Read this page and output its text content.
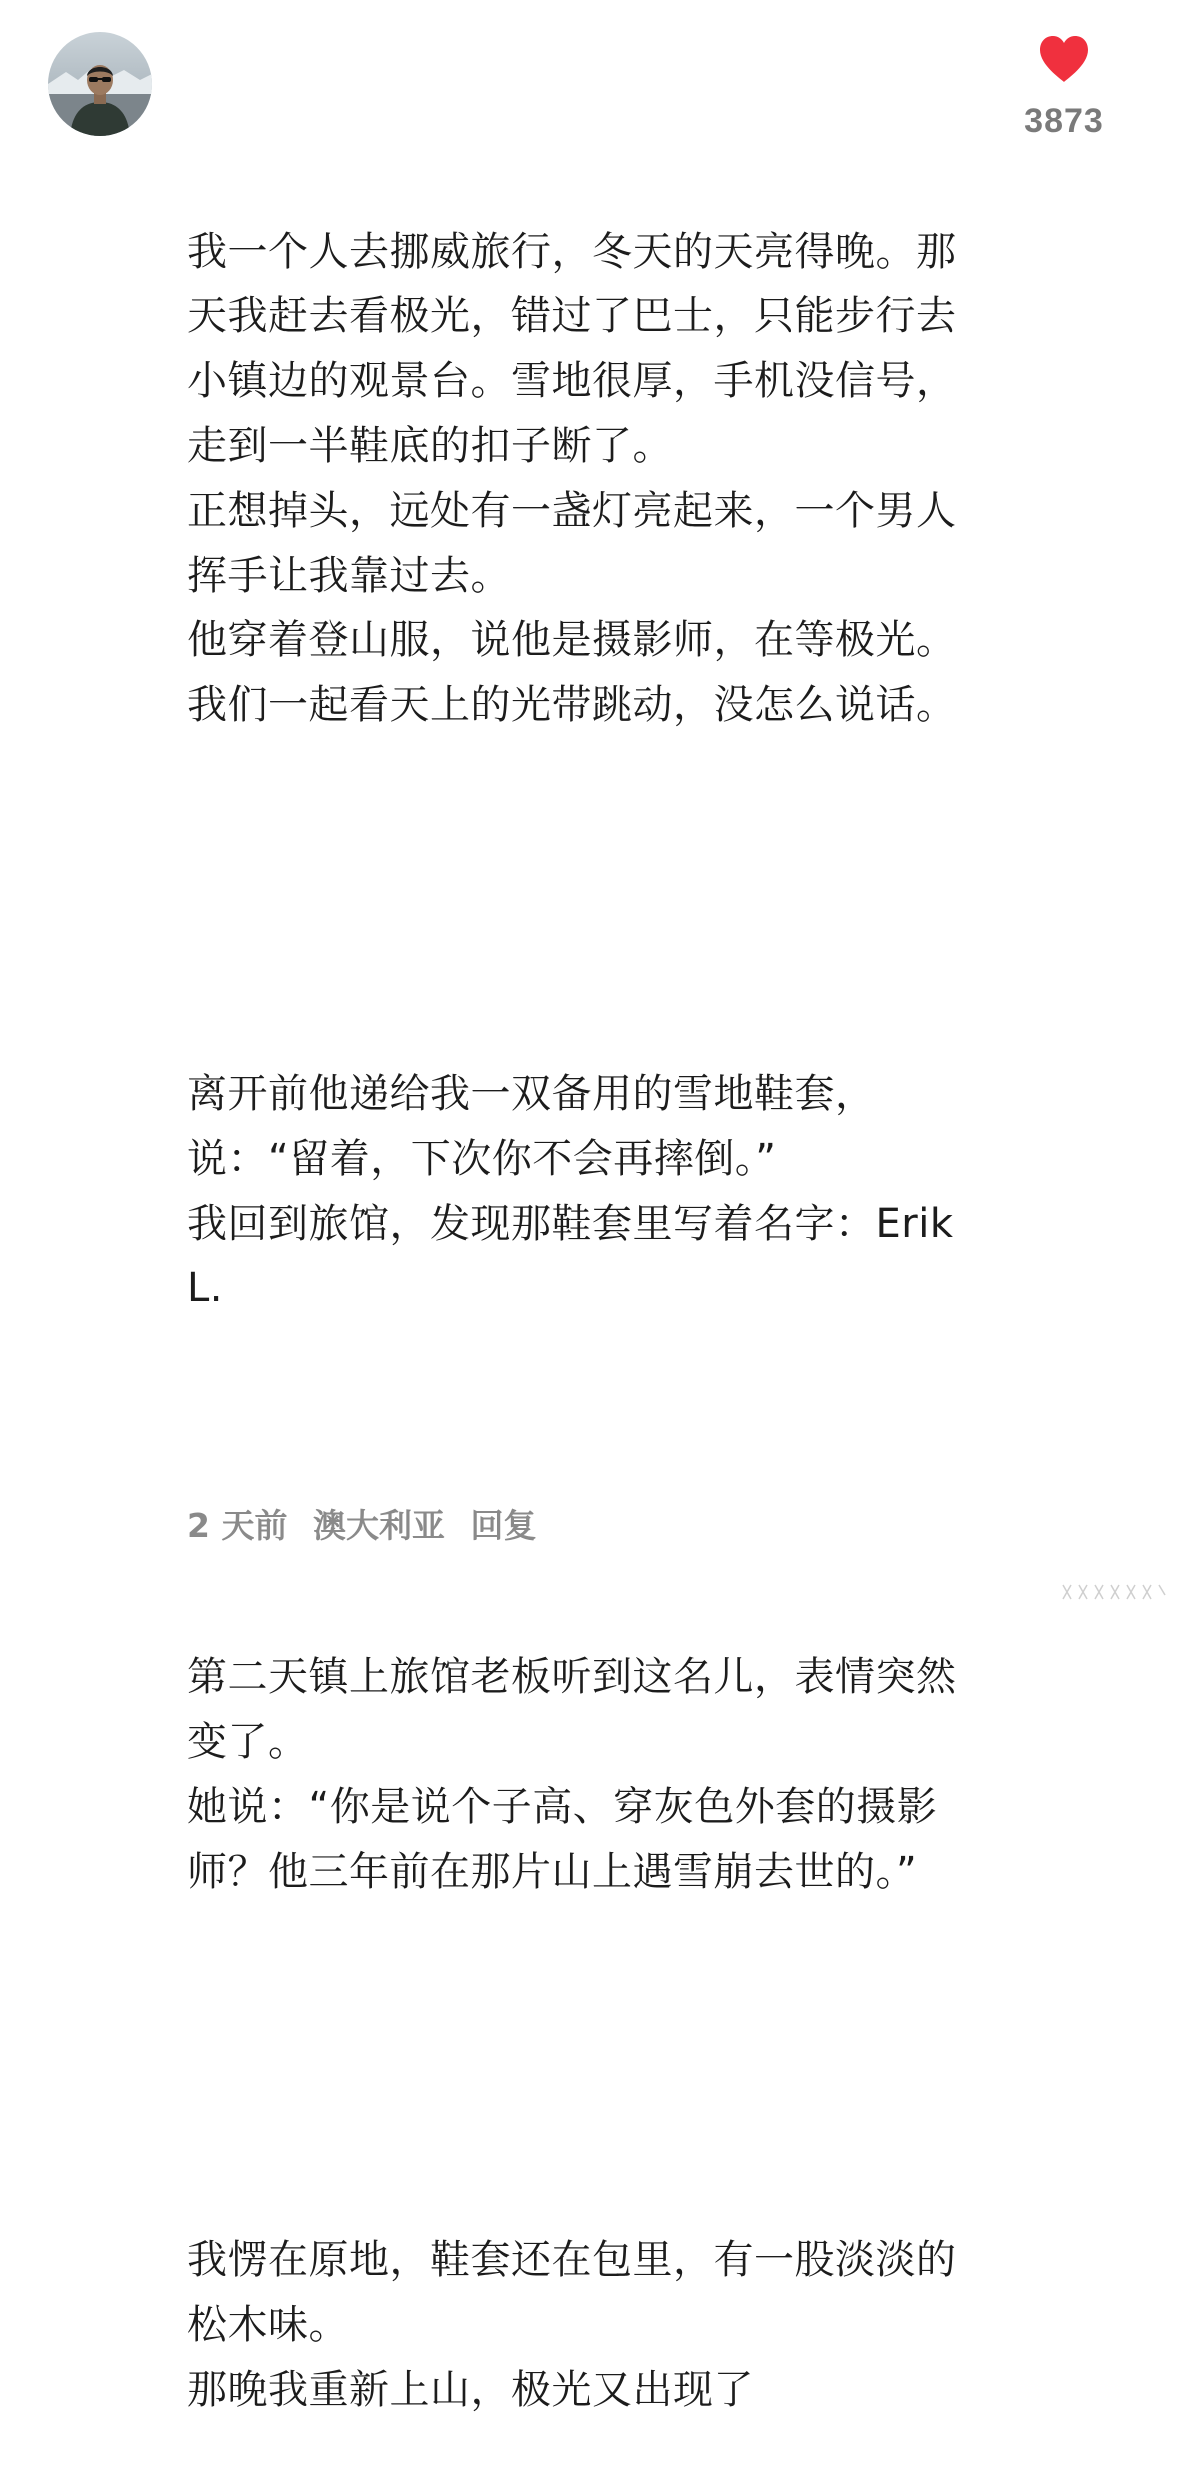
我一个人去挪威旅行，冬天的天亮得晚。那天我赶去看极光，错过了巴士，只能步行去小镇边的观景台。雪地很厚，手机没信号，走到一半鞋底的扣子断了。
正想掉头，远处有一盏灯亮起来，一个男人挥手让我靠过去。
他穿着登山服，说他是摄影师，在等极光。我们一起看天上的光带跳动，没怎么说话。

离开前他递给我一双备用的雪地鞋套，说：“留着，下次你不会再摔倒。”
我回到旅馆，发现那鞋套里写着名字：Erik L.

第二天镇上旅馆老板听到这名儿，表情突然变了。
她说：“你是说个子高、穿灰色外套的摄影师？他三年前在那片山上遇雪崩去世的。”

我愣在原地，鞋套还在包里，有一股淡淡的松木味。
那晚我重新上山，极光又出现了

3873
2 天前 澳大利亚 回复
